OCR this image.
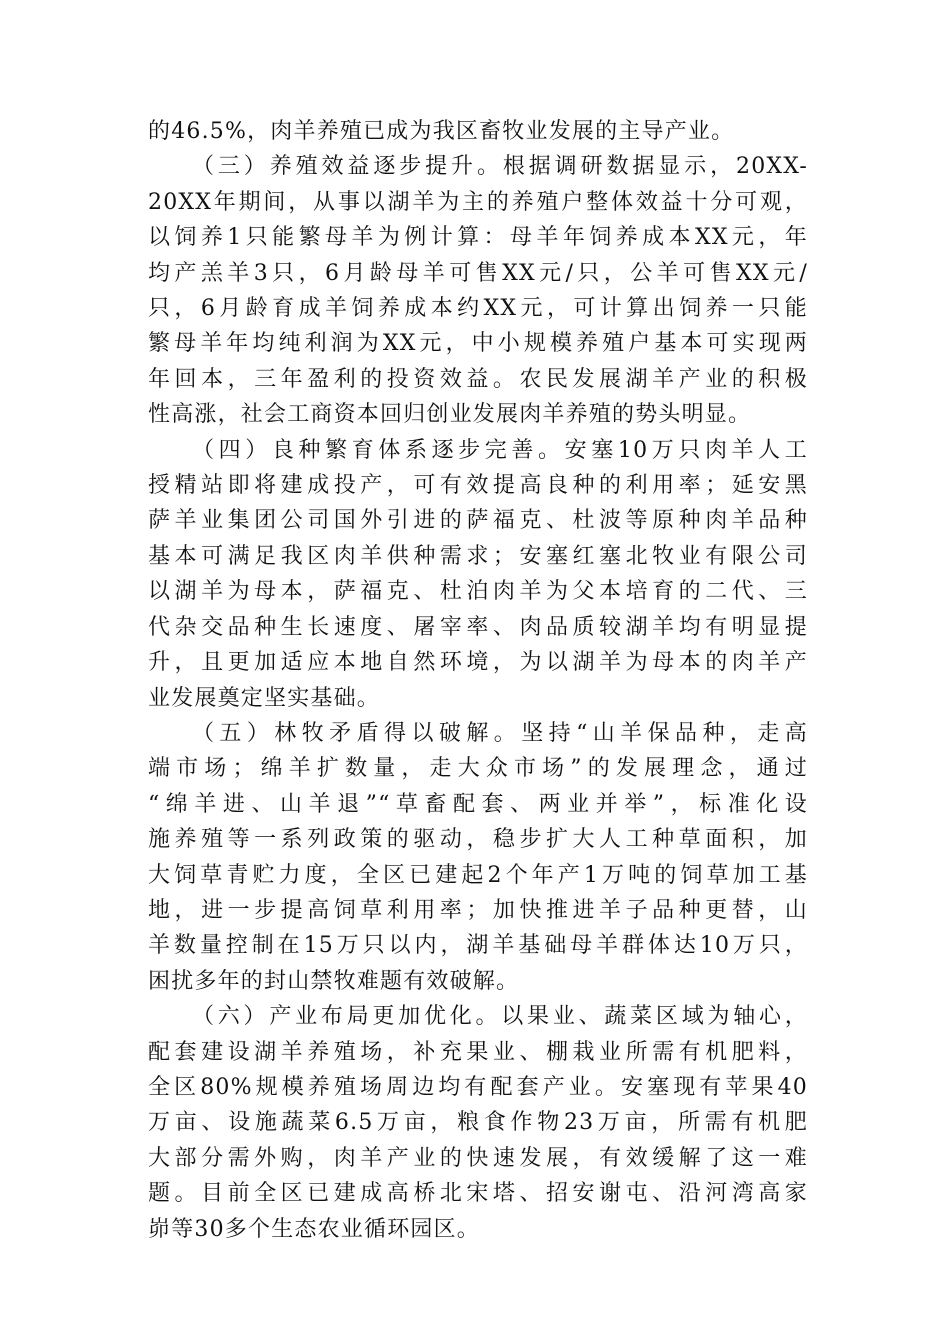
的46.5%，肉羊养殖已成为我区畜牧业发展的主导产业。
（三）养殖效益逐步提升。根据调研数据显示，20XX-
20XX年期间，从事以湖羊为主的养殖户整体效益十分可观，
以饲养1只能繁母羊为例计算：母羊年饲养成本XX元，年
均产羔羊3只，6月龄母羊可售XX元/只，公羊可售XX元/
只，6月龄育成羊饲养成本约XX元，可计算出饲养一只能
繁母羊年均纯利润为XX元，中小规模养殖户基本可实现两
年回本，三年盈利的投资效益。农民发展湖羊产业的积极
性高涨，社会工商资本回归创业发展肉羊养殖的势头明显。
（四）良种繁育体系逐步完善。安塞10万只肉羊人工
授精站即将建成投产，可有效提高良种的利用率；延安黑
萨羊业集团公司国外引进的萨福克、杜波等原种肉羊品种
基本可满足我区肉羊供种需求；安塞红塞北牧业有限公司
以湖羊为母本，萨福克、杜泊肉羊为父本培育的二代、三
代杂交品种生长速度、屠宰率、肉品质较湖羊均有明显提
升，且更加适应本地自然环境，为以湖羊为母本的肉羊产
业发展奠定坚实基础。
（五）林牧矛盾得以破解。坚持“山羊保品种，走高
端市场；绵羊扩数量，走大众市场”的发展理念，通过
“绵羊进、山羊退”“草畜配套、两业并举”，标准化设
施养殖等一系列政策的驱动，稳步扩大人工种草面积，加
大饲草青贮力度，全区已建起2个年产1万吨的饲草加工基
地，进一步提高饲草利用率；加快推进羊子品种更替，山
羊数量控制在15万只以内，湖羊基础母羊群体达10万只，
困扰多年的封山禁牧难题有效破解。
（六）产业布局更加优化。以果业、蔬菜区域为轴心，
配套建设湖羊养殖场，补充果业、棚栽业所需有机肥料，
全区80%规模养殖场周边均有配套产业。安塞现有苹果40
万亩、设施蔬菜6.5万亩，粮食作物23万亩，所需有机肥
大部分需外购，肉羊产业的快速发展，有效缓解了这一难
题。目前全区已建成高桥北宋塔、招安谢屯、沿河湾高家
峁等30多个生态农业循环园区。
